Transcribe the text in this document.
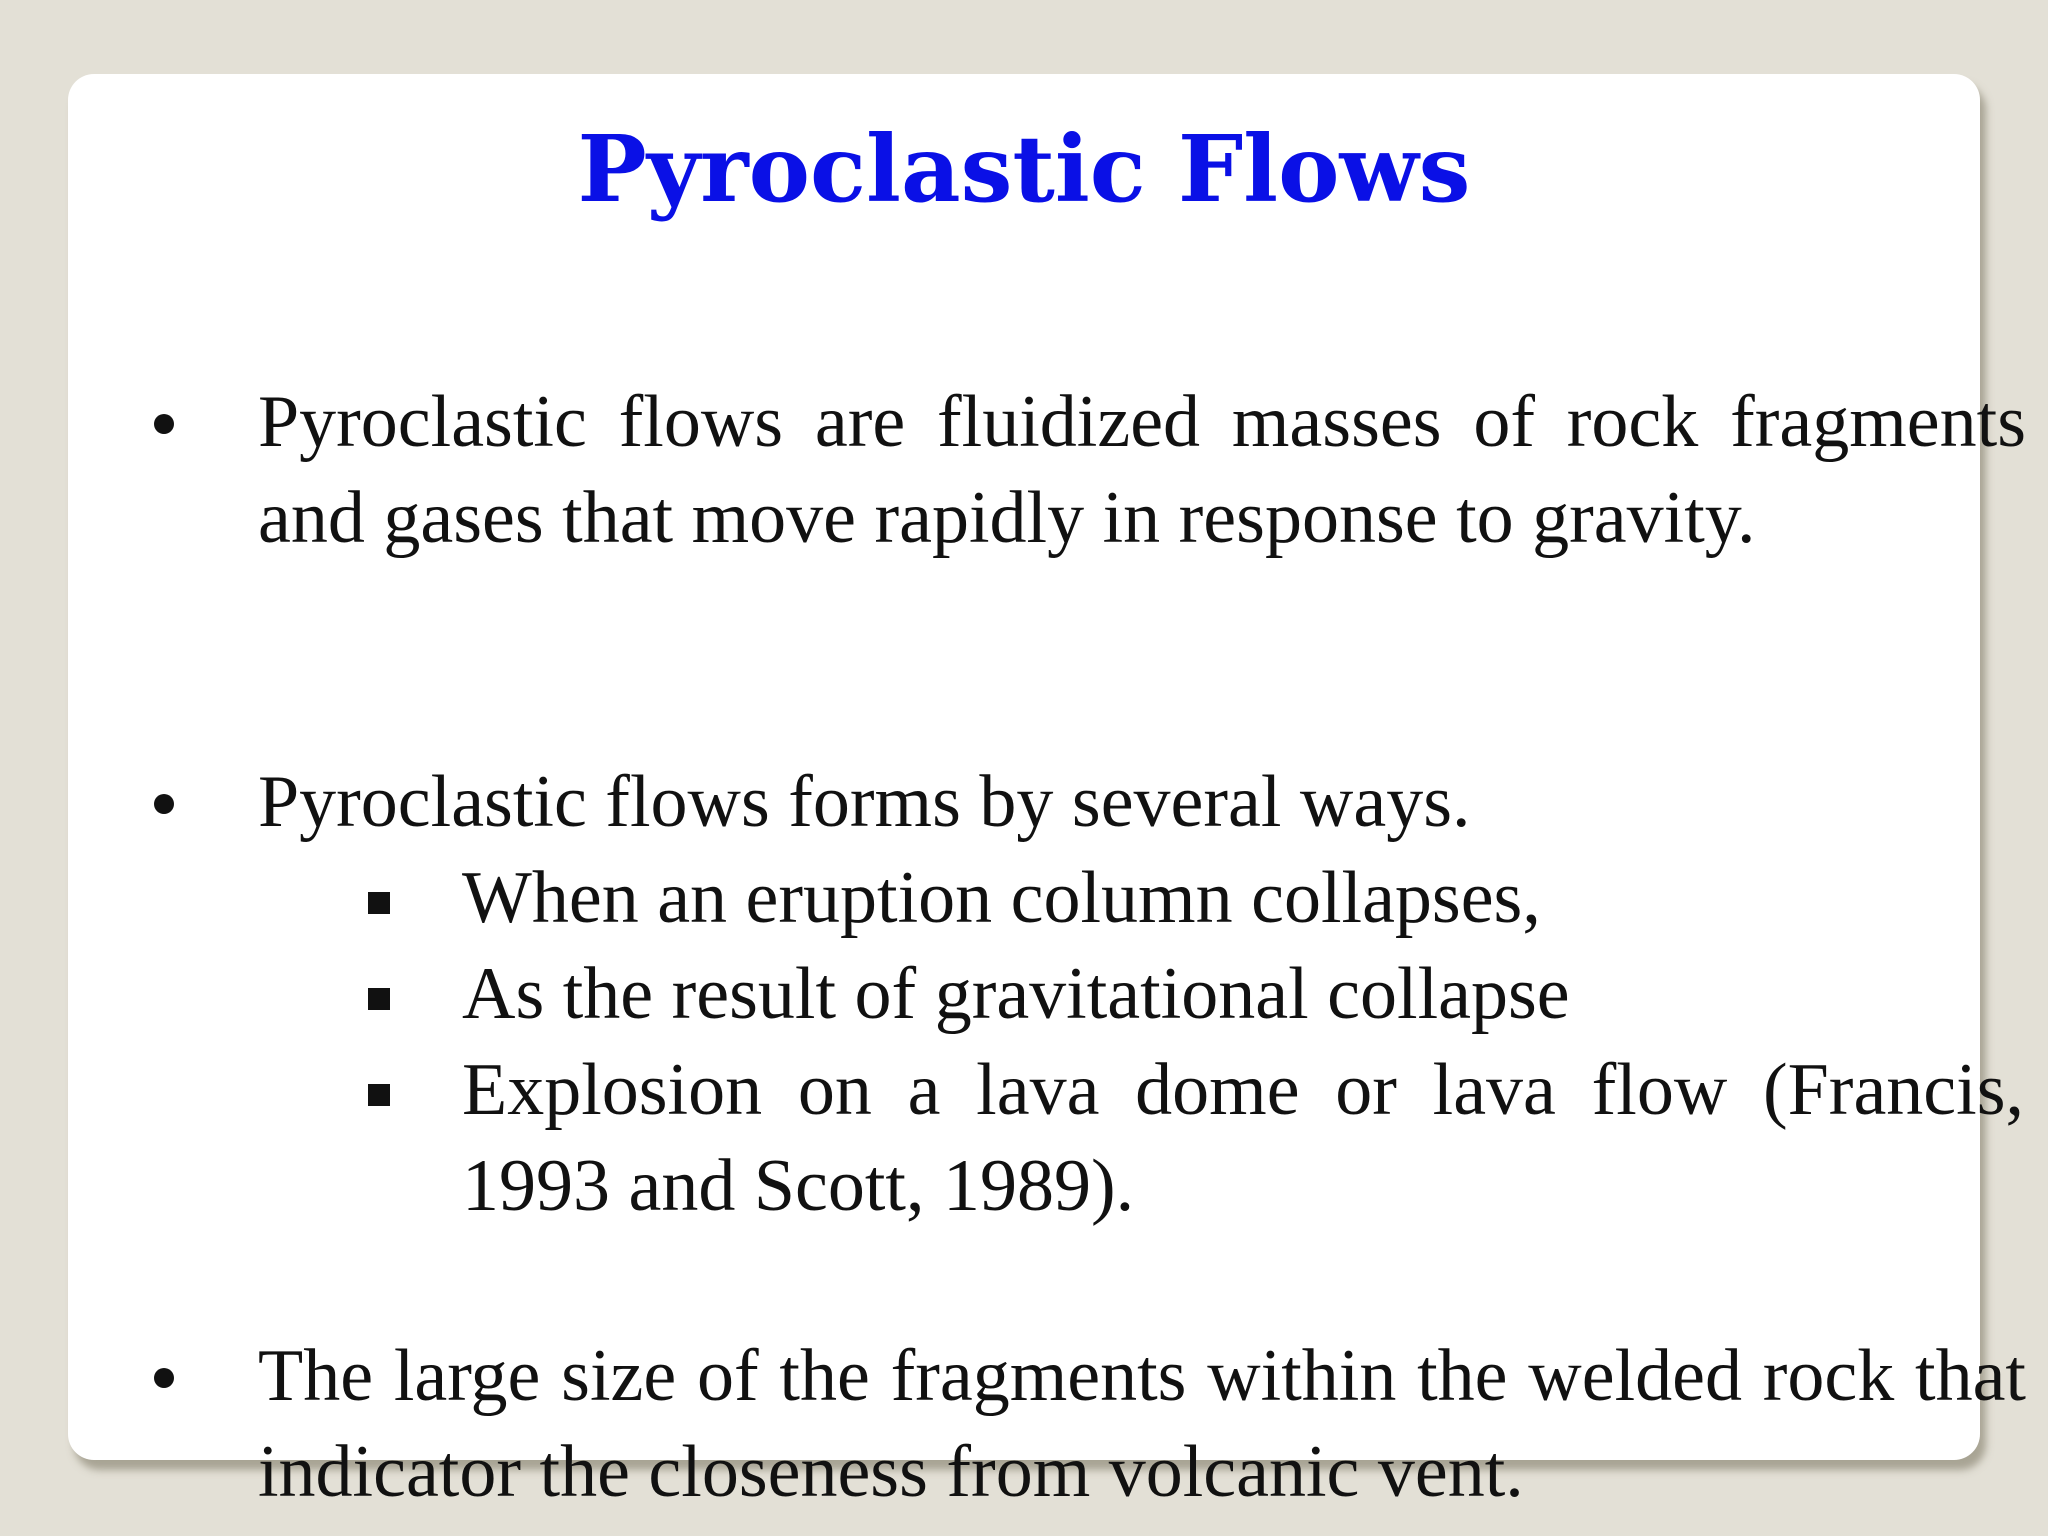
Pyroclastic Flows
Pyroclastic flows are fluidized masses of rock fragments and gases that move rapidly in response to gravity.
Pyroclastic flows forms by several ways.
When an eruption column collapses,
As the result of gravitational collapse
Explosion on a lava dome or lava flow (Francis, 1993 and Scott, 1989).
The large size of the fragments within the welded rock that indicator the closeness from volcanic vent.
